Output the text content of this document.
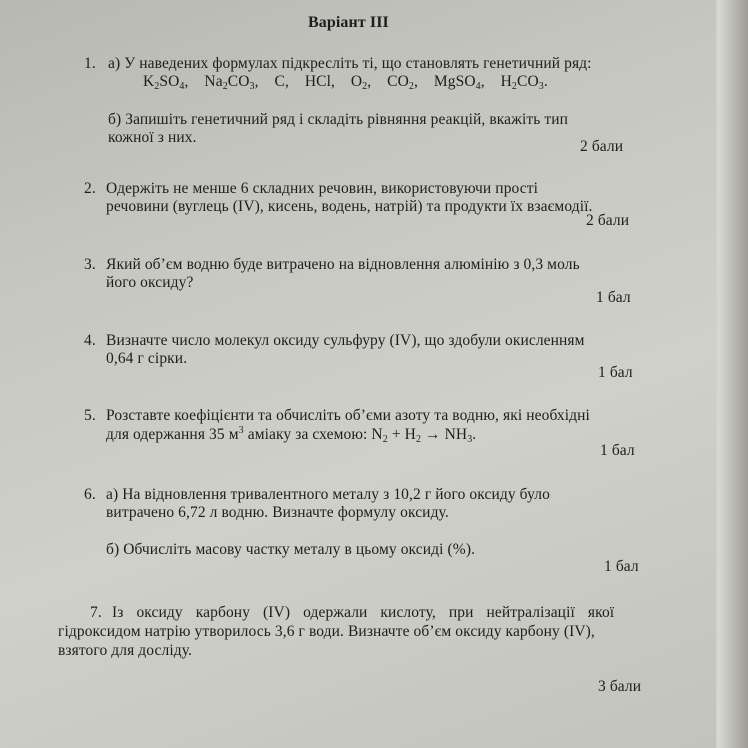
Варіант III
1. а) У наведених формулах підкресліть ті, що становлять генетичний ряд:
$K_2SO_4$,    $Na_2CO_3$,    C, HCl, $O_2$,    $CO_2$,    MgSO$_4$,    $H_2CO_3$.
б) Запишіть генетичний ряд і складіть рівняння реакцій, вкажіть тип
кожної з них.
2 бали
2. Одержіть не менше 6 складних речовин, використовуючи прості
речовини (вуглець (IV), кисень, водень, натрій) та продукти їх взаємодії.
2 бали
3. Який об’єм водню буде витрачено на відновлення алюмінію з 0,3 моль
його оксиду?
1 бал
4. Визначте число молекул оксиду сульфуру (IV), що здобули окисленням
0,64 г сірки.
1 бал
5. Розставте коефіцієнти та обчисліть об’єми азоту та водню, які необхідні
для одержання 35 $м^3$ аміаку за схемою: $N_2 + H_2 \to NH_3$.
1 бал
6. а) На відновлення тривалентного металу з 10,2 г його оксиду було
витрачено 6,72 л водню. Визначте формулу оксиду.
б) Обчисліть масову частку металу в цьому оксиді (%).
1 бал
7. Із оксиду карбону (IV) одержали кислоту, при нейтралізації якої
гідроксидом натрію утворилось 3,6 г води. Визначте об’єм оксиду карбону (IV),
взятого для досліду.
3 бали
